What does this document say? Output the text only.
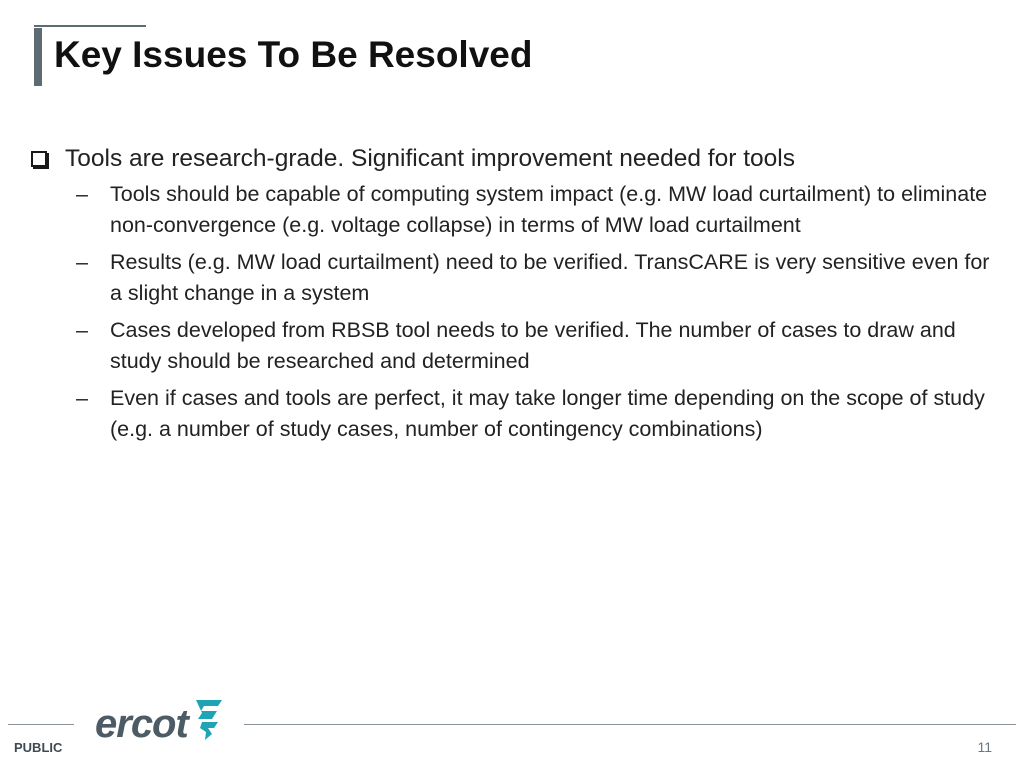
Key Issues To Be Resolved
Tools are research-grade. Significant improvement needed for tools
–	Tools should be capable of computing system impact (e.g. MW load curtailment) to eliminate non-convergence (e.g. voltage collapse) in terms of MW load curtailment
–	Results (e.g. MW load curtailment) need to be verified. TransCARE is very sensitive even for a slight change in a system
–	Cases developed from RBSB tool needs to be verified. The number of cases to draw and study should be researched and determined
–	Even if cases and tools are perfect, it may take longer time depending on the scope of study (e.g. a number of study cases, number of contingency combinations)
ercot
PUBLIC	11
